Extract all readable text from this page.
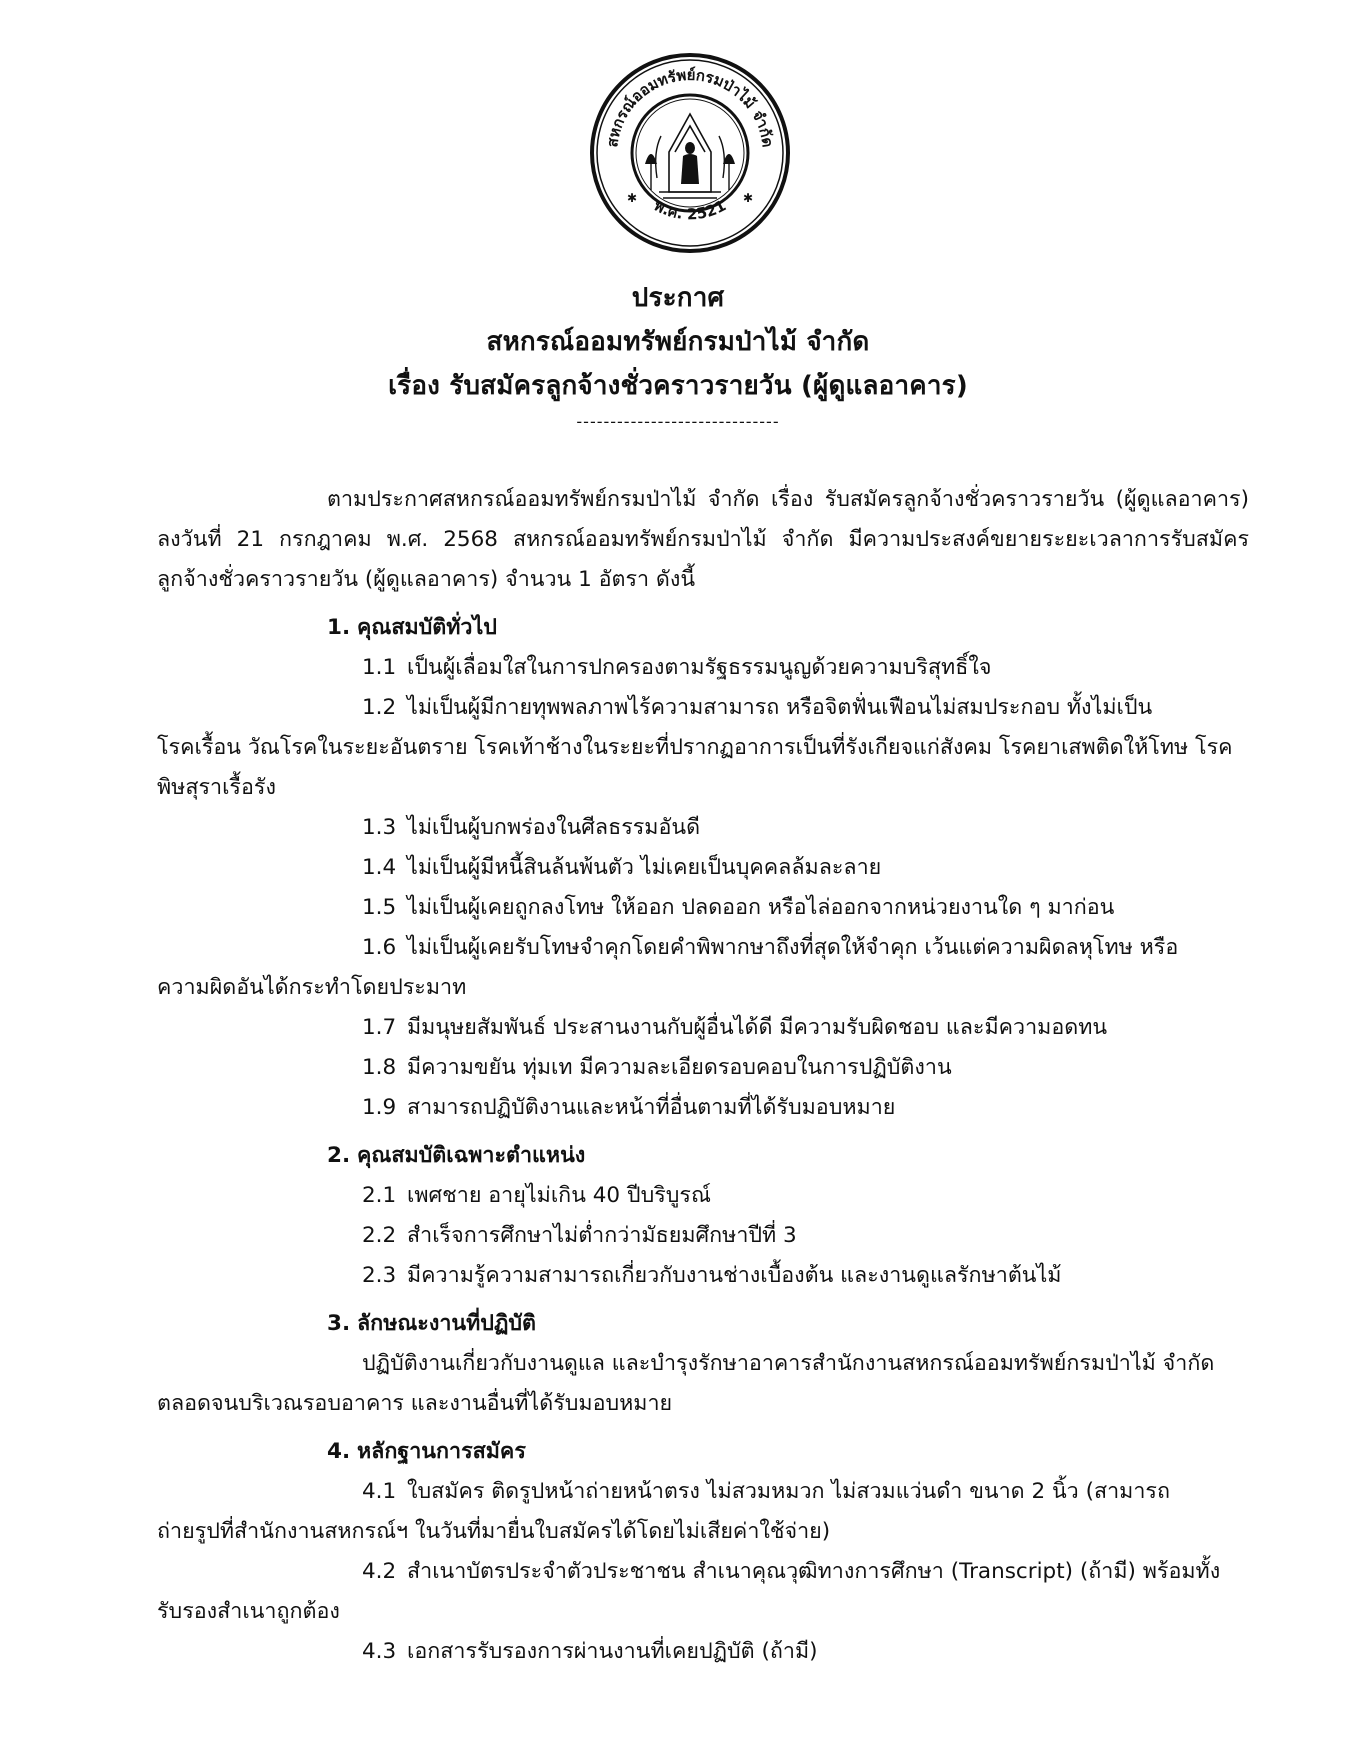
สหกรณ์ออมทรัพย์กรมป่าไม้ จำกัด
พ.ศ. 2521
✱	✱
ประกาศ
สหกรณ์ออมทรัพย์กรมป่าไม้ จำกัด
เรื่อง รับสมัครลูกจ้างชั่วคราวรายวัน (ผู้ดูแลอาคาร)
------------------------------
ตามประกาศสหกรณ์ออมทรัพย์กรมป่าไม้ จำกัด เรื่อง รับสมัครลูกจ้างชั่วคราวรายวัน (ผู้ดูแลอาคาร) ลงวันที่ 21 กรกฎาคม พ.ศ. 2568 สหกรณ์ออมทรัพย์กรมป่าไม้ จำกัด มีความประสงค์ขยายระยะเวลาการรับสมัคร ลูกจ้างชั่วคราวรายวัน (ผู้ดูแลอาคาร) จำนวน 1 อัตรา ดังนี้
1. คุณสมบัติทั่วไป
1.1 เป็นผู้เลื่อมใสในการปกครองตามรัฐธรรมนูญด้วยความบริสุทธิ์ใจ
1.2 ไม่เป็นผู้มีกายทุพพลภาพไร้ความสามารถ หรือจิตฟั่นเฟือนไม่สมประกอบ ทั้งไม่เป็น
โรคเรื้อน วัณโรคในระยะอันตราย โรคเท้าช้างในระยะที่ปรากฏอาการเป็นที่รังเกียจแก่สังคม โรคยาเสพติดให้โทษ โรคพิษสุราเรื้อรัง
1.3 ไม่เป็นผู้บกพร่องในศีลธรรมอันดี
1.4 ไม่เป็นผู้มีหนี้สินล้นพ้นตัว ไม่เคยเป็นบุคคลล้มละลาย
1.5 ไม่เป็นผู้เคยถูกลงโทษ ให้ออก ปลดออก หรือไล่ออกจากหน่วยงานใด ๆ มาก่อน
1.6 ไม่เป็นผู้เคยรับโทษจำคุกโดยคำพิพากษาถึงที่สุดให้จำคุก เว้นแต่ความผิดลหุโทษ หรือ
ความผิดอันได้กระทำโดยประมาท
1.7 มีมนุษยสัมพันธ์ ประสานงานกับผู้อื่นได้ดี มีความรับผิดชอบ และมีความอดทน
1.8 มีความขยัน ทุ่มเท มีความละเอียดรอบคอบในการปฏิบัติงาน
1.9 สามารถปฏิบัติงานและหน้าที่อื่นตามที่ได้รับมอบหมาย
2. คุณสมบัติเฉพาะตำแหน่ง
2.1 เพศชาย อายุไม่เกิน 40 ปีบริบูรณ์
2.2 สำเร็จการศึกษาไม่ต่ำกว่ามัธยมศึกษาปีที่ 3
2.3 มีความรู้ความสามารถเกี่ยวกับงานช่างเบื้องต้น และงานดูแลรักษาต้นไม้
3. ลักษณะงานที่ปฏิบัติ
ปฏิบัติงานเกี่ยวกับงานดูแล และบำรุงรักษาอาคารสำนักงานสหกรณ์ออมทรัพย์กรมป่าไม้ จำกัด
ตลอดจนบริเวณรอบอาคาร และงานอื่นที่ได้รับมอบหมาย
4. หลักฐานการสมัคร
4.1 ใบสมัคร ติดรูปหน้าถ่ายหน้าตรง ไม่สวมหมวก ไม่สวมแว่นดำ ขนาด 2 นิ้ว (สามารถ
ถ่ายรูปที่สำนักงานสหกรณ์ฯ ในวันที่มายื่นใบสมัครได้โดยไม่เสียค่าใช้จ่าย)
4.2 สำเนาบัตรประจำตัวประชาชน สำเนาคุณวุฒิทางการศึกษา (Transcript) (ถ้ามี) พร้อมทั้ง
รับรองสำเนาถูกต้อง
4.3 เอกสารรับรองการผ่านงานที่เคยปฏิบัติ (ถ้ามี)
